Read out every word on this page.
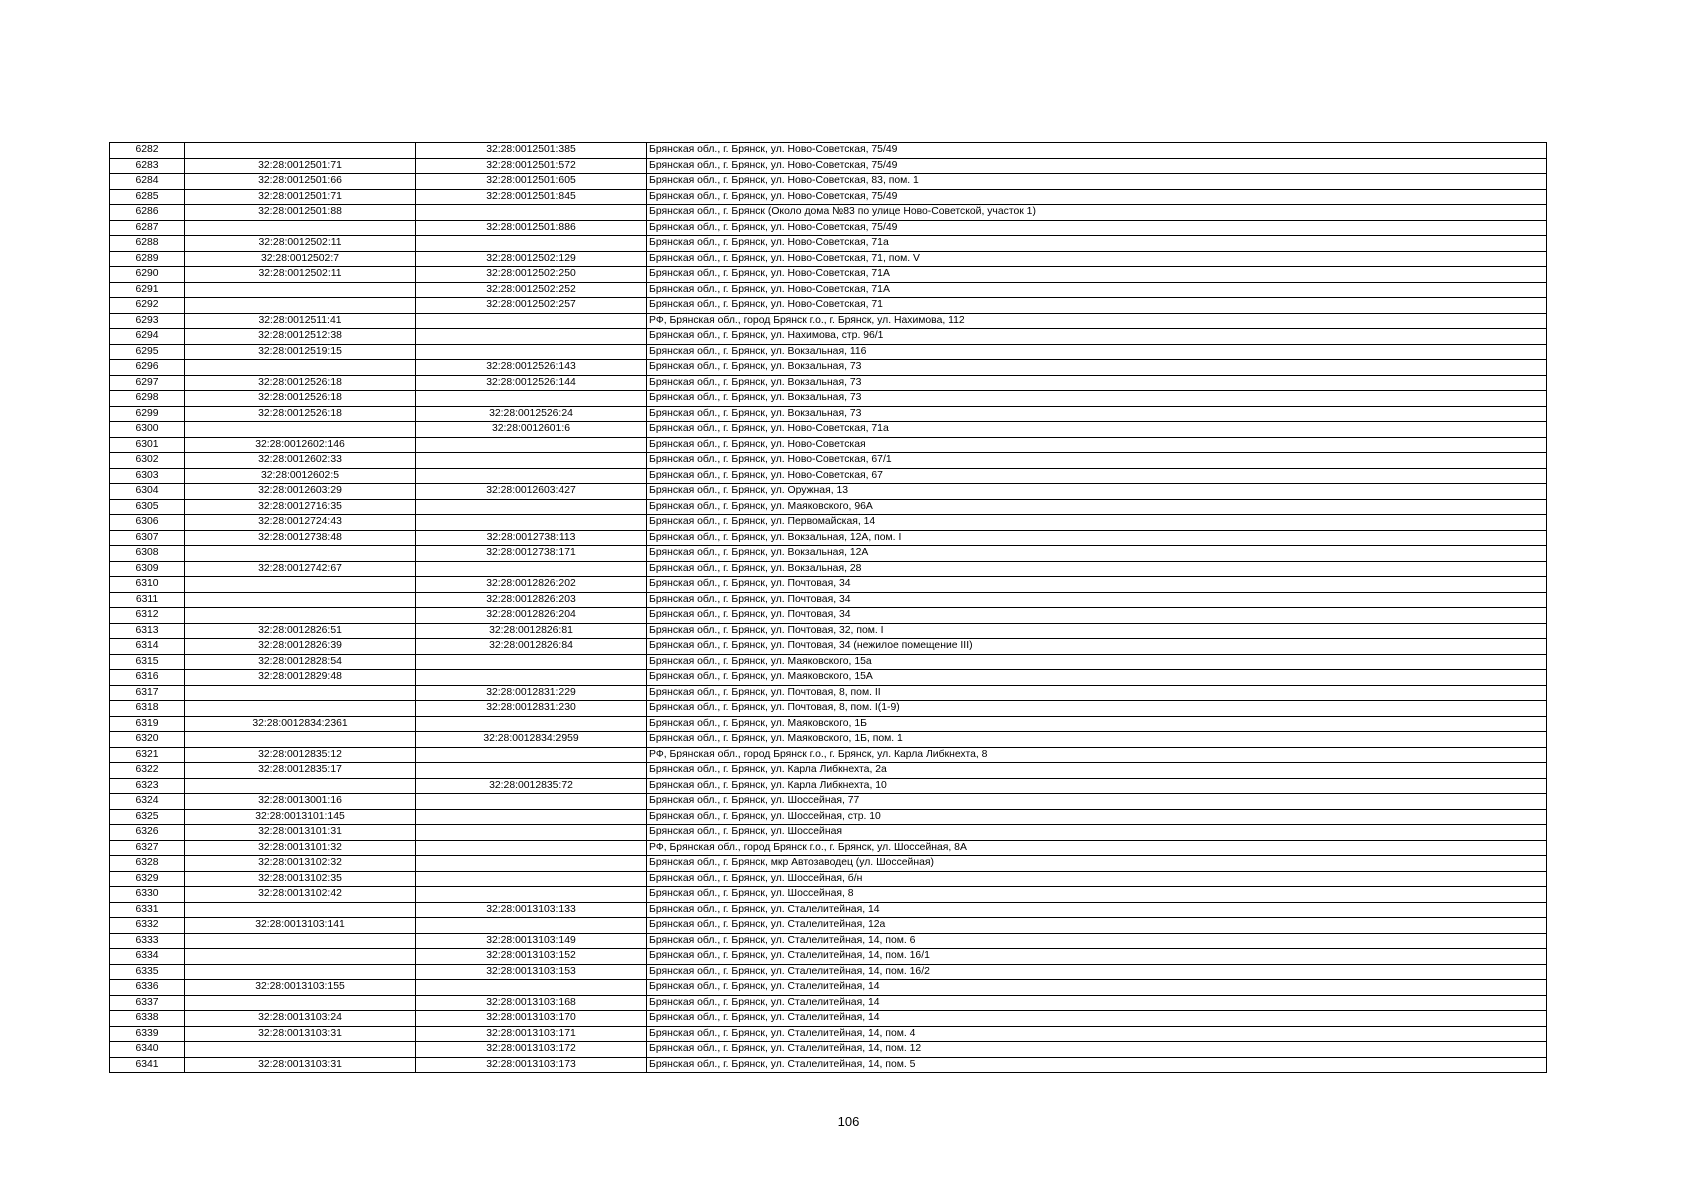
6282		32:28:0012501:385	Брянская обл., г. Брянск, ул. Ново-Советская, 75/49
6283	32:28:0012501:71	32:28:0012501:572	Брянская обл., г. Брянск, ул. Ново-Советская, 75/49
6284	32:28:0012501:66	32:28:0012501:605	Брянская обл., г. Брянск, ул. Ново-Советская, 83, пом. 1
6285	32:28:0012501:71	32:28:0012501:845	Брянская обл., г. Брянск, ул. Ново-Советская, 75/49
6286	32:28:0012501:88		Брянская обл., г. Брянск (Около дома №83 по улице Ново-Советской, участок 1)
6287		32:28:0012501:886	Брянская обл., г. Брянск, ул. Ново-Советская, 75/49
6288	32:28:0012502:11		Брянская обл., г. Брянск, ул. Ново-Советская, 71а
6289	32:28:0012502:7	32:28:0012502:129	Брянская обл., г. Брянск, ул. Ново-Советская, 71, пом. V
6290	32:28:0012502:11	32:28:0012502:250	Брянская обл., г. Брянск, ул. Ново-Советская, 71А
6291		32:28:0012502:252	Брянская обл., г. Брянск, ул. Ново-Советская, 71А
6292		32:28:0012502:257	Брянская обл., г. Брянск, ул. Ново-Советская, 71
6293	32:28:0012511:41		РФ, Брянская обл., город Брянск г.о., г. Брянск, ул. Нахимова, 112
6294	32:28:0012512:38		Брянская обл., г. Брянск, ул. Нахимова, стр. 96/1
6295	32:28:0012519:15		Брянская обл., г. Брянск, ул. Вокзальная, 116
6296		32:28:0012526:143	Брянская обл., г. Брянск, ул. Вокзальная, 73
6297	32:28:0012526:18	32:28:0012526:144	Брянская обл., г. Брянск, ул. Вокзальная, 73
6298	32:28:0012526:18		Брянская обл., г. Брянск, ул. Вокзальная, 73
6299	32:28:0012526:18	32:28:0012526:24	Брянская обл., г. Брянск, ул. Вокзальная, 73
6300		32:28:0012601:6	Брянская обл., г. Брянск, ул. Ново-Советская, 71а
6301	32:28:0012602:146		Брянская обл., г. Брянск, ул. Ново-Советская
6302	32:28:0012602:33		Брянская обл., г. Брянск, ул. Ново-Советская, 67/1
6303	32:28:0012602:5		Брянская обл., г. Брянск, ул. Ново-Советская, 67
6304	32:28:0012603:29	32:28:0012603:427	Брянская обл., г. Брянск, ул. Оружная, 13
6305	32:28:0012716:35		Брянская обл., г. Брянск, ул. Маяковского, 96А
6306	32:28:0012724:43		Брянская обл., г. Брянск, ул. Первомайская, 14
6307	32:28:0012738:48	32:28:0012738:113	Брянская обл., г. Брянск, ул. Вокзальная, 12А, пом. I
6308		32:28:0012738:171	Брянская обл., г. Брянск, ул. Вокзальная, 12А
6309	32:28:0012742:67		Брянская обл., г. Брянск, ул. Вокзальная, 28
6310		32:28:0012826:202	Брянская обл., г. Брянск, ул. Почтовая, 34
6311		32:28:0012826:203	Брянская обл., г. Брянск, ул. Почтовая, 34
6312		32:28:0012826:204	Брянская обл., г. Брянск, ул. Почтовая, 34
6313	32:28:0012826:51	32:28:0012826:81	Брянская обл., г. Брянск, ул. Почтовая, 32, пом. I
6314	32:28:0012826:39	32:28:0012826:84	Брянская обл., г. Брянск, ул. Почтовая, 34 (нежилое помещение III)
6315	32:28:0012828:54		Брянская обл., г. Брянск, ул. Маяковского, 15а
6316	32:28:0012829:48		Брянская обл., г. Брянск, ул. Маяковского, 15А
6317		32:28:0012831:229	Брянская обл., г. Брянск, ул. Почтовая, 8, пом. II
6318		32:28:0012831:230	Брянская обл., г. Брянск, ул. Почтовая, 8, пом. I(1-9)
6319	32:28:0012834:2361		Брянская обл., г. Брянск, ул. Маяковского, 1Б
6320		32:28:0012834:2959	Брянская обл., г. Брянск, ул. Маяковского, 1Б, пом. 1
6321	32:28:0012835:12		РФ, Брянская обл., город Брянск г.о., г. Брянск, ул. Карла Либкнехта, 8
6322	32:28:0012835:17		Брянская обл., г. Брянск, ул. Карла Либкнехта, 2а
6323		32:28:0012835:72	Брянская обл., г. Брянск, ул. Карла Либкнехта, 10
6324	32:28:0013001:16		Брянская обл., г. Брянск, ул. Шоссейная, 77
6325	32:28:0013101:145		Брянская обл., г. Брянск, ул. Шоссейная, стр. 10
6326	32:28:0013101:31		Брянская обл., г. Брянск, ул. Шоссейная
6327	32:28:0013101:32		РФ, Брянская обл., город Брянск г.о., г. Брянск, ул. Шоссейная, 8А
6328	32:28:0013102:32		Брянская обл., г. Брянск, мкр Автозаводец (ул. Шоссейная)
6329	32:28:0013102:35		Брянская обл., г. Брянск, ул. Шоссейная, б/н
6330	32:28:0013102:42		Брянская обл., г. Брянск, ул. Шоссейная, 8
6331		32:28:0013103:133	Брянская обл., г. Брянск, ул. Сталелитейная, 14
6332	32:28:0013103:141		Брянская обл., г. Брянск, ул. Сталелитейная, 12а
6333		32:28:0013103:149	Брянская обл., г. Брянск, ул. Сталелитейная, 14, пом. 6
6334		32:28:0013103:152	Брянская обл., г. Брянск, ул. Сталелитейная, 14, пом. 16/1
6335		32:28:0013103:153	Брянская обл., г. Брянск, ул. Сталелитейная, 14, пом. 16/2
6336	32:28:0013103:155		Брянская обл., г. Брянск, ул. Сталелитейная, 14
6337		32:28:0013103:168	Брянская обл., г. Брянск, ул. Сталелитейная, 14
6338	32:28:0013103:24	32:28:0013103:170	Брянская обл., г. Брянск, ул. Сталелитейная, 14
6339	32:28:0013103:31	32:28:0013103:171	Брянская обл., г. Брянск, ул. Сталелитейная, 14, пом. 4
6340		32:28:0013103:172	Брянская обл., г. Брянск, ул. Сталелитейная, 14, пом. 12
6341	32:28:0013103:31	32:28:0013103:173	Брянская обл., г. Брянск, ул. Сталелитейная, 14, пом. 5
106
